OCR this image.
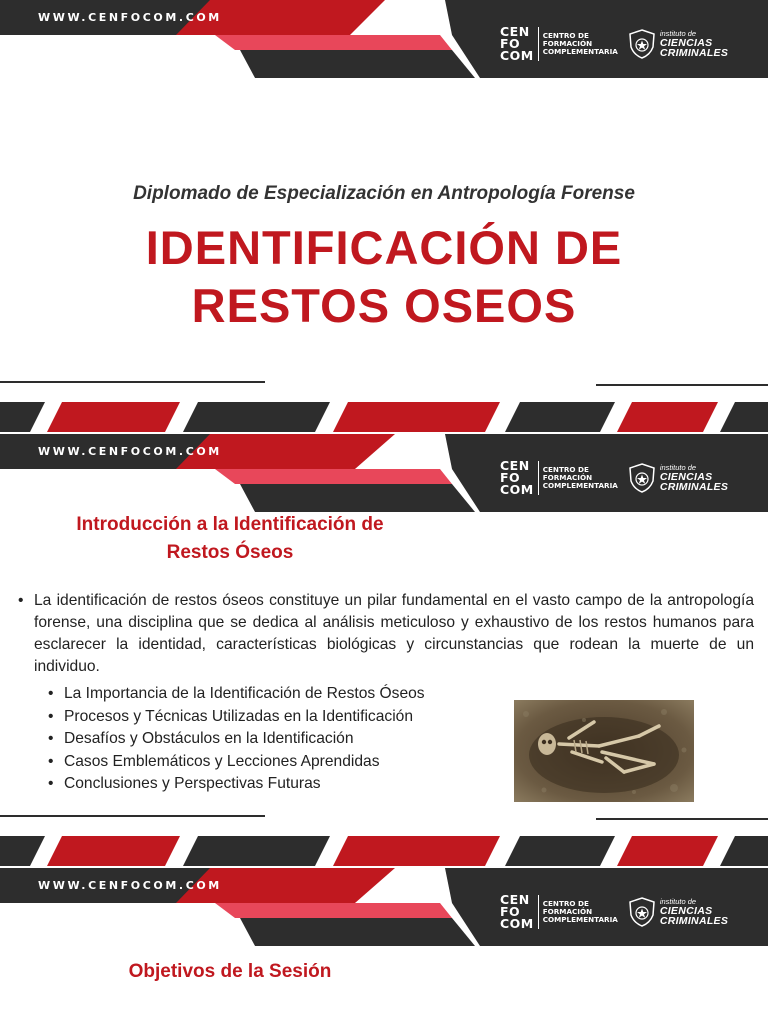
WWW.CENFOCOM.COM
CEN
FO
COM
CENTRO DE
FORMACIÓN
COMPLEMENTARIA
instituto de
CIENCIAS
CRIMINALES
Diplomado de Especialización en Antropología Forense
IDENTIFICACIÓN DE
RESTOS OSEOS
WWW.CENFOCOM.COM
CEN
FO
COM
CENTRO DE
FORMACIÓN
COMPLEMENTARIA
instituto de
CIENCIAS
CRIMINALES
Introducción a la Identificación de
Restos Óseos
• La identificación de restos óseos constituye un pilar fundamental en el vasto campo de la antropología forense, una disciplina que se dedica al análisis meticuloso y exhaustivo de los restos humanos para esclarecer la identidad, características biológicas y circunstancias que rodean la muerte de un individuo.
• La Importancia de la Identificación de Restos Óseos
• Procesos y Técnicas Utilizadas en la Identificación
• Desafíos y Obstáculos en la Identificación
• Casos Emblemáticos y Lecciones Aprendidas
• Conclusiones y Perspectivas Futuras
WWW.CENFOCOM.COM
CEN
FO
COM
CENTRO DE
FORMACIÓN
COMPLEMENTARIA
instituto de
CIENCIAS
CRIMINALES
Objetivos de la Sesión
